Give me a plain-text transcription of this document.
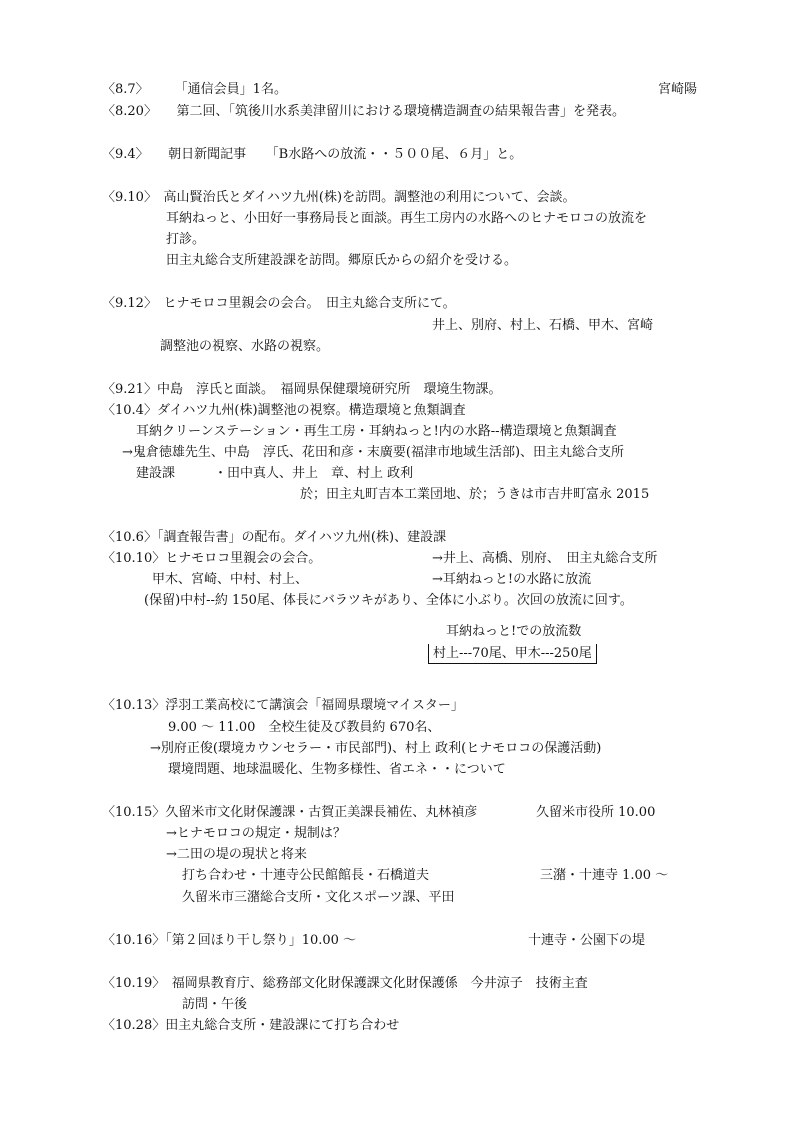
〈8.7〉　　　「通信会員」1名。	宮崎陽
〈8.20〉　　第二回、「筑後川水系美津留川における環境構造調査の結果報告書」を発表。
〈9.4〉　　朝日新聞記事　　「B水路への放流・・５００尾、６月」と。
〈9.10〉　高山賢治氏とダイハツ九州(株)を訪問。調整池の利用について、会談。
耳納ねっと、小田好一事務局長と面談。再生工房内の水路へのヒナモロコの放流を
打診。
田主丸総合支所建設課を訪問。郷原氏からの紹介を受ける。
〈9.12〉　ヒナモロコ里親会の会合。　田主丸総合支所にて。
井上、別府、村上、石橋、甲木、宮崎
調整池の視察、水路の視察。
〈9.21〉中島　淳氏と面談。　福岡県保健環境研究所　環境生物課。
〈10.4〉ダイハツ九州(株)調整池の視察。構造環境と魚類調査
耳納クリーンステーション・再生工房・耳納ねっと!内の水路--構造環境と魚類調査
→鬼倉徳雄先生、中島　淳氏、花田和彦・末廣要(福津市地域生活部)、田主丸総合支所
建設課　　　・田中真人、井上　章、村上 政利
於；田主丸町吉本工業団地、於；うきは市吉井町富永 2015
〈10.6〉「調査報告書」の配布。ダイハツ九州(株)、建設課
〈10.10〉ヒナモロコ里親会の会合。	→井上、高橋、別府、　田主丸総合支所
甲木、宮崎、中村、村上、	→耳納ねっと!の水路に放流
(保留)中村--約 150尾、体長にバラツキがあり、全体に小ぶり。次回の放流に回す。
耳納ねっと!での放流数
村上---70尾、甲木---250尾
〈10.13〉浮羽工業高校にて講演会「福岡県環境マイスター」
9.00 ～ 11.00　全校生徒及び教員約 670名、
→別府正俊(環境カウンセラー・市民部門)、村上 政利(ヒナモロコの保護活動)
環境問題、地球温暖化、生物多様性、省エネ・・について
〈10.15〉久留米市文化財保護課・古賀正美課長補佐、丸林禎彦	久留米市役所 10.00
→ヒナモロコの規定・規制は？
→二田の堤の現状と将来
打ち合わせ・十連寺公民館館長・石橋道夫	三潴・十連寺 1.00 ～
久留米市三潴総合支所・文化スポーツ課、平田
〈10.16〉「第２回ほり干し祭り」10.00 ～	十連寺・公園下の堤
〈10.19〉　福岡県教育庁、総務部文化財保護課文化財保護係　今井涼子　技術主査
訪問・午後
〈10.28〉田主丸総合支所・建設課にて打ち合わせ
